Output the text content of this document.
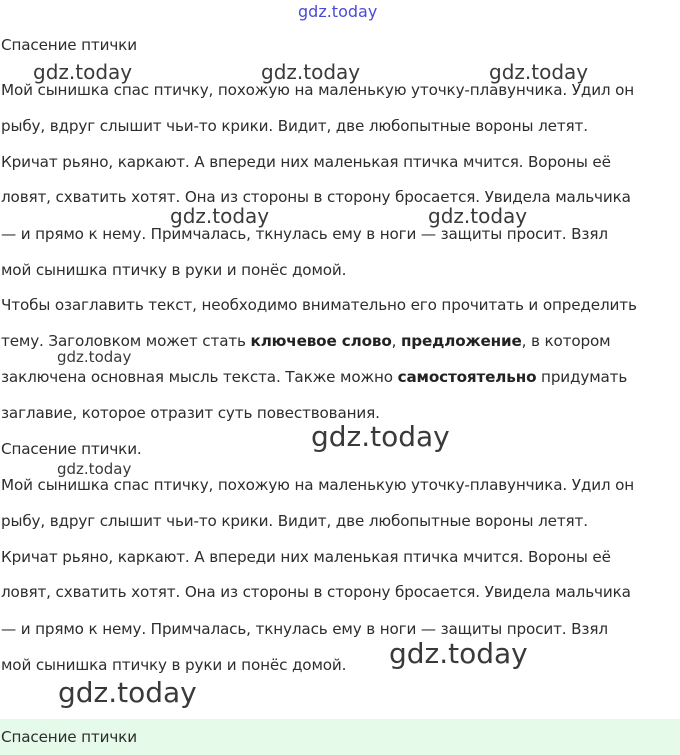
gdz.today
Спасение птички
Мой сынишка спас птичку, похожую на маленькую уточку-плавунчика. Удил он
рыбу, вдруг слышит чьи-то крики. Видит, две любопытные вороны летят.
Кричат рьяно, каркают. А впереди них маленькая птичка мчится. Вороны её
ловят, схватить хотят. Она из стороны в сторону бросается. Увидела мальчика
— и прямо к нему. Примчалась, ткнулась ему в ноги — защиты просит. Взял
мой сынишка птичку в руки и понёс домой.
Чтобы озаглавить текст, необходимо внимательно его прочитать и определить
тему. Заголовком может стать ключевое слово, предложение, в котором
заключена основная мысль текста. Также можно самостоятельно придумать
заглавие, которое отразит суть повествования.
Спасение птички.
Мой сынишка спас птичку, похожую на маленькую уточку-плавунчика. Удил он
рыбу, вдруг слышит чьи-то крики. Видит, две любопытные вороны летят.
Кричат рьяно, каркают. А впереди них маленькая птичка мчится. Вороны её
ловят, схватить хотят. Она из стороны в сторону бросается. Увидела мальчика
— и прямо к нему. Примчалась, ткнулась ему в ноги — защиты просит. Взял
мой сынишка птичку в руки и понёс домой.
gdz.today	gdz.today	gdz.today
gdz.today	gdz.today
gdz.today
gdz.today
gdz.today
gdz.today
gdz.today
Спасение птички
